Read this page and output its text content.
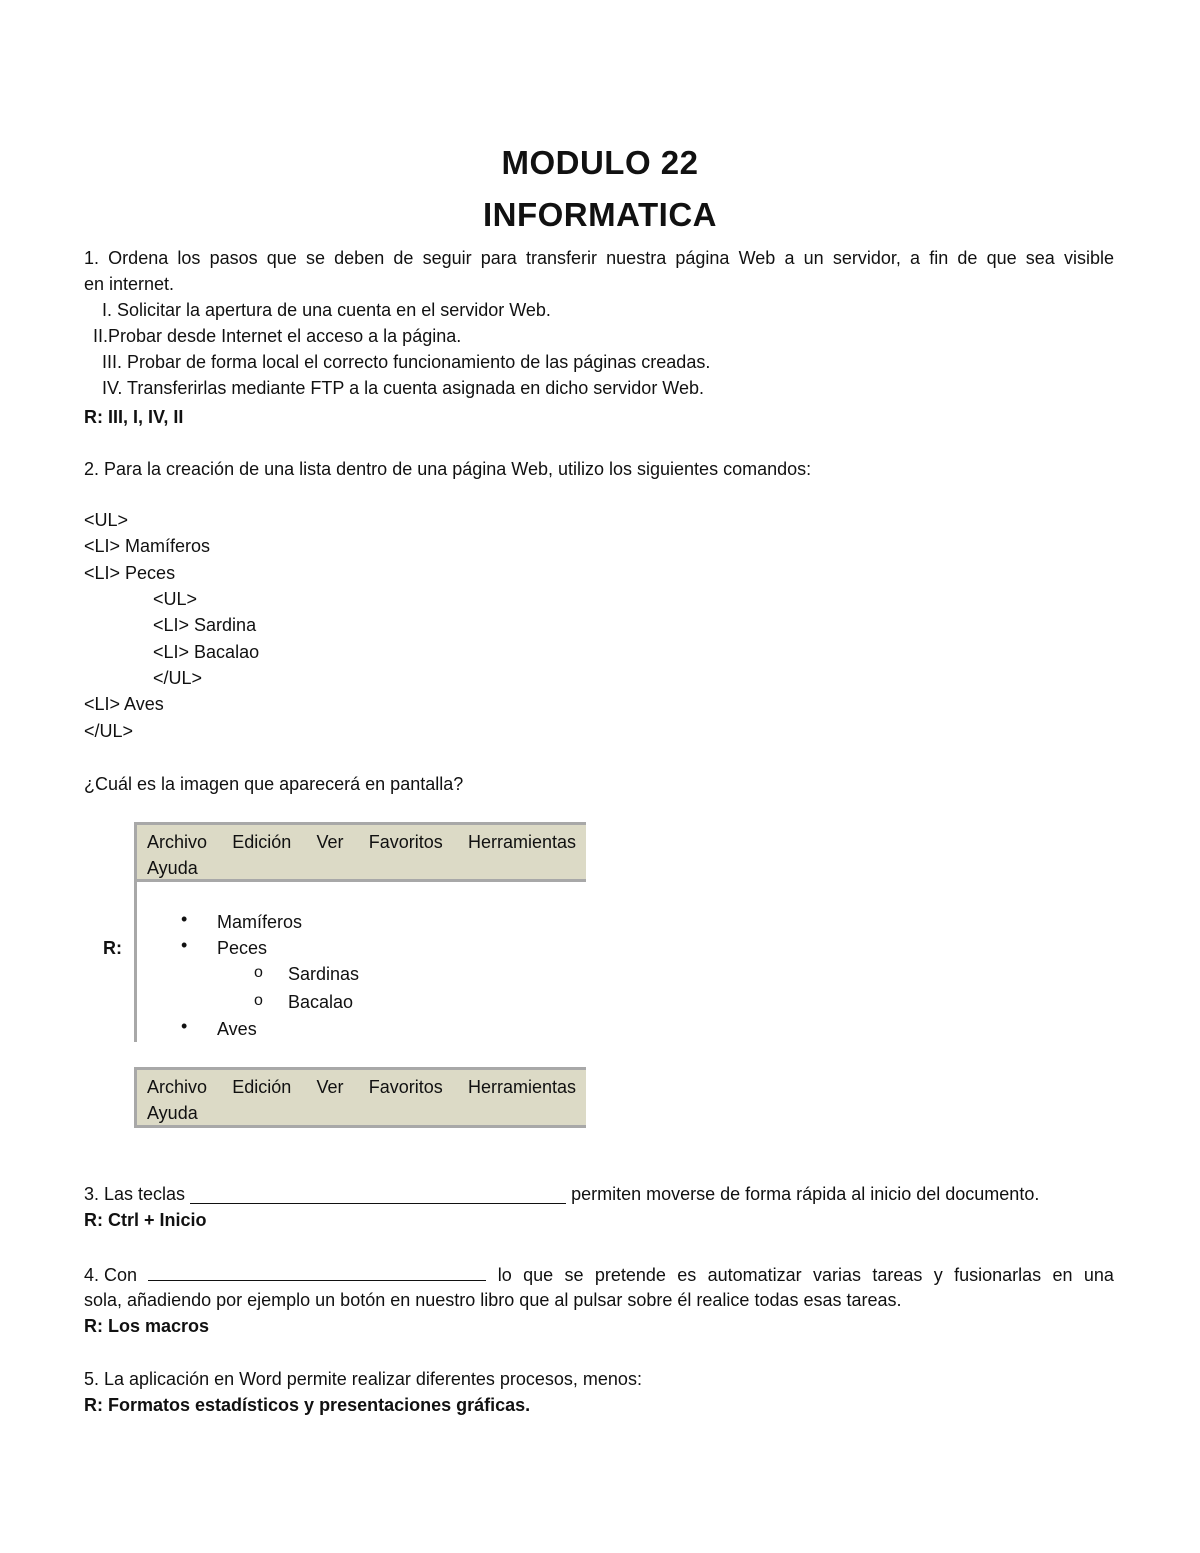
MODULO 22
INFORMATICA
1. Ordena los pasos que se deben de seguir para transferir nuestra página Web a un servidor, a fin de que sea visible
en internet.
I. Solicitar la apertura de una cuenta en el servidor Web.
II.Probar desde Internet el acceso a la página.
III. Probar de forma local el correcto funcionamiento de las páginas creadas.
IV. Transferirlas mediante FTP a la cuenta asignada en dicho servidor Web.
R: III, I, IV, II
2. Para la creación de una lista dentro de una página Web, utilizo los siguientes comandos:
<UL>
<LI> Mamíferos
<LI> Peces
<UL>
<LI> Sardina
<LI> Bacalao
</UL>
<LI> Aves
</UL>
¿Cuál es la imagen que aparecerá en pantalla?
Archivo Edición Ver Favoritos Herramientas
Ayuda
R:
• Mamíferos
• Peces
o Sardinas
o Bacalao
• Aves
Archivo Edición Ver Favoritos Herramientas
Ayuda
3. Las teclas	permiten moverse de forma rápida al inicio del documento.
R: Ctrl + Inicio
4. Con	lo que se pretende es automatizar varias tareas y fusionarlas en una
sola, añadiendo por ejemplo un botón en nuestro libro que al pulsar sobre él realice todas esas tareas.
R: Los macros
5. La aplicación en Word permite realizar diferentes procesos, menos:
R: Formatos estadísticos y presentaciones gráficas.
